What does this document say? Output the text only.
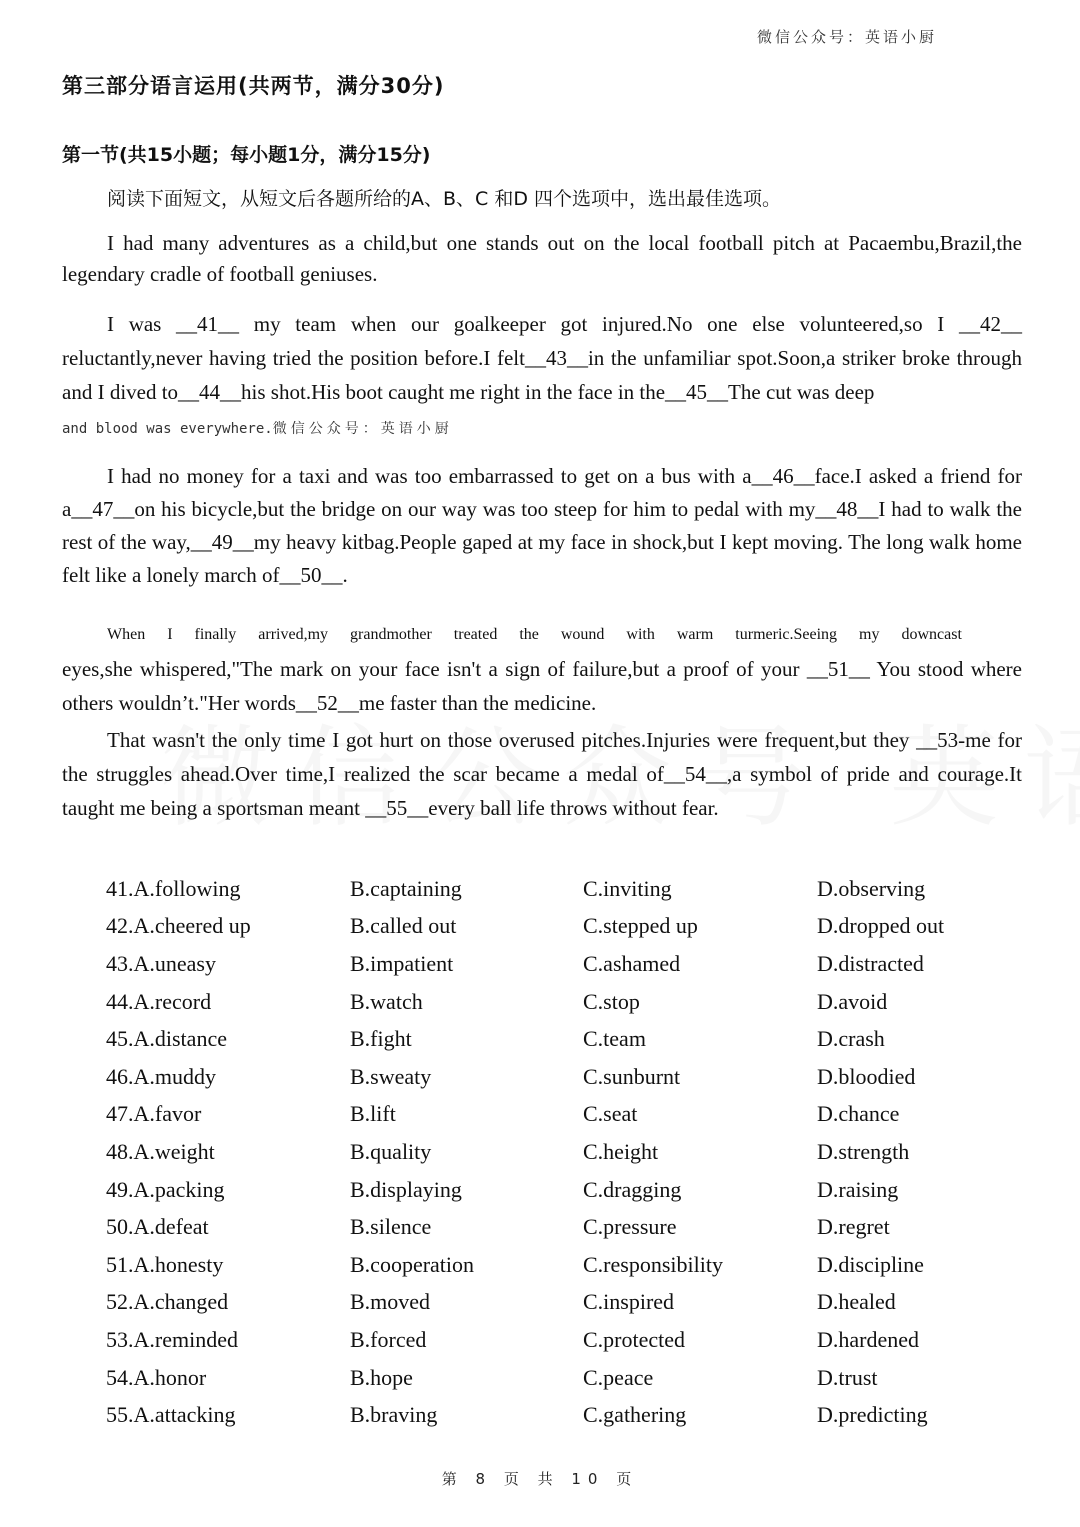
微信公众号：英语小厨
第三部分语言运用(共两节，满分30分)
第一节(共15小题；每小题1分，满分15分)
阅读下面短文，从短文后各题所给的A、B、C 和D 四个选项中，选出最佳选项。
I had many adventures as a child,but one stands out on the local football pitch at Pacaembu,Brazil,the legendary cradle of football geniuses.
I was __41__ my team when our goalkeeper got injured.No one else volunteered,so I __42__ reluctantly,never having tried the position before.I felt__43__in the unfamiliar spot.Soon,a striker broke through and I dived to__44__his shot.His boot caught me right in the face in the__45__The cut was deep
and blood was everywhere.微信公众号：英语小厨
I had no money for a taxi and was too embarrassed to get on a bus with a__46__face.I asked a friend for a__47__on his bicycle,but the bridge on our way was too steep for him to pedal with my__48__I had to walk the rest of the way,__49__my heavy kitbag.People gaped at my face in shock,but I kept moving. The long walk home felt like a lonely march of__50__.
When I finally arrived,my grandmother treated the wound with warm turmeric.Seeing my downcast
eyes,she whispered,"The mark on your face isn't a sign of failure,but a proof of your __51__ You stood where others wouldn’t."Her words__52__me faster than the medicine.
That wasn't the only time I got hurt on those overused pitches.Injuries were frequent,but they __53-me for the struggles ahead.Over time,I realized the scar became a medal of__54__,a symbol of pride and courage.It taught me being a sportsman meant __55__every ball life throws without fear.
41.A.following	B.captaining	C.inviting	D.observing
42.A.cheered up	B.called out	C.stepped up	D.dropped out
43.A.uneasy	B.impatient	C.ashamed	D.distracted
44.A.record	B.watch	C.stop	D.avoid
45.A.distance	B.fight	C.team	D.crash
46.A.muddy	B.sweaty	C.sunburnt	D.bloodied
47.A.favor	B.lift	C.seat	D.chance
48.A.weight	B.quality	C.height	D.strength
49.A.packing	B.displaying	C.dragging	D.raising
50.A.defeat	B.silence	C.pressure	D.regret
51.A.honesty	B.cooperation	C.responsibility	D.discipline
52.A.changed	B.moved	C.inspired	D.healed
53.A.reminded	B.forced	C.protected	D.hardened
54.A.honor	B.hope	C.peace	D.trust
55.A.attacking	B.braving	C.gathering	D.predicting
第 8 页 共 10 页
